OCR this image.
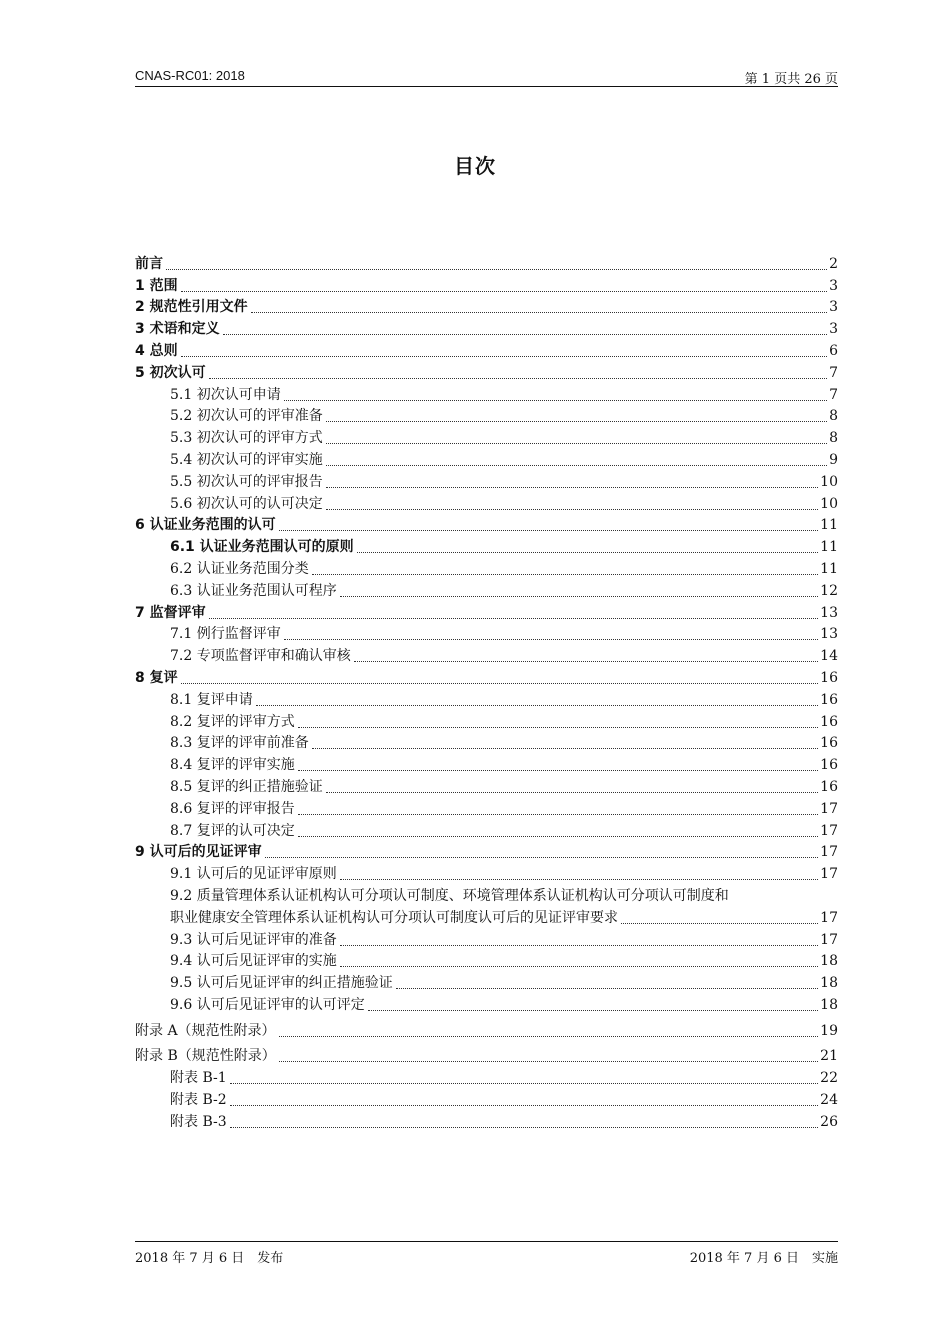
CNAS-RC01: 2018	第 1 页共 26 页
目次
前言	2
1 范围	3
2 规范性引用文件	3
3 术语和定义	3
4 总则	6
5 初次认可	7
5.1 初次认可申请	7
5.2 初次认可的评审准备	8
5.3 初次认可的评审方式	8
5.4 初次认可的评审实施	9
5.5 初次认可的评审报告	10
5.6 初次认可的认可决定	10
6 认证业务范围的认可	11
6.1 认证业务范围认可的原则	11
6.2 认证业务范围分类	11
6.3 认证业务范围认可程序	12
7 监督评审	13
7.1 例行监督评审	13
7.2 专项监督评审和确认审核	14
8 复评	16
8.1 复评申请	16
8.2 复评的评审方式	16
8.3 复评的评审前准备	16
8.4 复评的评审实施	16
8.5 复评的纠正措施验证	16
8.6 复评的评审报告	17
8.7 复评的认可决定	17
9 认可后的见证评审	17
9.1 认可后的见证评审原则	17
9.2 质量管理体系认证机构认可分项认可制度、环境管理体系认证机构认可分项认可制度和
职业健康安全管理体系认证机构认可分项认可制度认可后的见证评审要求	17
9.3 认可后见证评审的准备	17
9.4 认可后见证评审的实施	18
9.5 认可后见证评审的纠正措施验证	18
9.6 认可后见证评审的认可评定	18
附录 A（规范性附录）	19
附录 B（规范性附录）	21
附表 B-1	22
附表 B-2	24
附表 B-3	26
2018 年 7 月 6 日　发布	2018 年 7 月 6 日　实施
